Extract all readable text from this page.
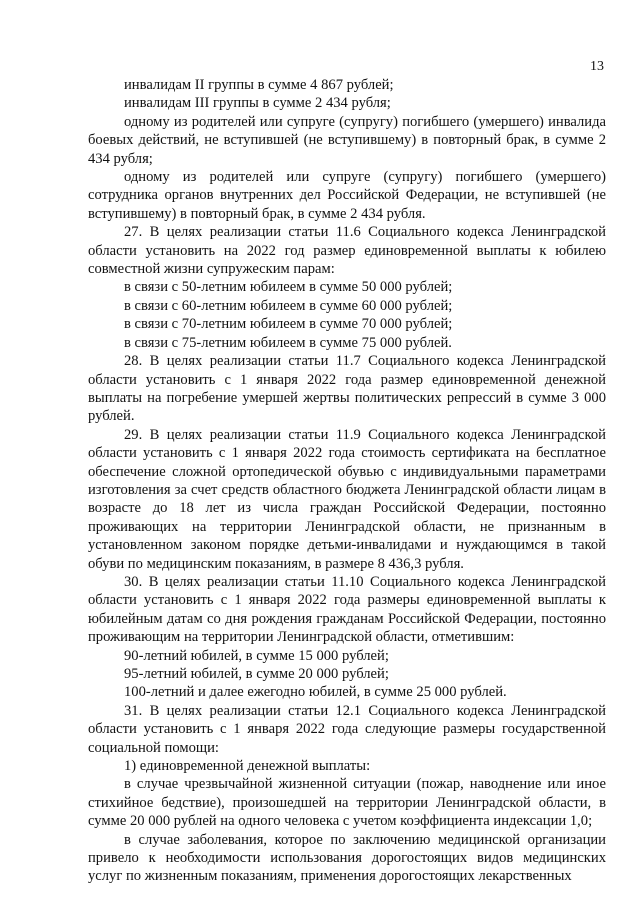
13

инвалидам II группы в сумме 4 867 рублей;

инвалидам III группы в сумме 2 434 рубля;

одному из родителей или супруге (супругу) погибшего (умершего) инвалида боевых действий, не вступившей (не вступившему) в повторный брак, в сумме 2 434 рубля;

одному из родителей или супруге (супругу) погибшего (умершего) сотрудника органов внутренних дел Российской Федерации, не вступившей (не вступившему) в повторный брак, в сумме 2 434 рубля.

27. В целях реализации статьи 11.6 Социального кодекса Ленинградской области установить на 2022 год размер единовременной выплаты к юбилею совместной жизни супружеским парам:

в связи с 50-летним юбилеем в сумме 50 000 рублей;

в связи с 60-летним юбилеем в сумме 60 000 рублей;

в связи с 70-летним юбилеем в сумме 70 000 рублей;

в связи с 75-летним юбилеем в сумме 75 000 рублей.

28. В целях реализации статьи 11.7 Социального кодекса Ленинградской области установить с 1 января 2022 года размер единовременной денежной выплаты на погребение умершей жертвы политических репрессий в сумме 3 000 рублей.

29. В целях реализации статьи 11.9 Социального кодекса Ленинградской области установить с 1 января 2022 года стоимость сертификата на бесплатное обеспечение сложной ортопедической обувью с индивидуальными параметрами изготовления за счет средств областного бюджета Ленинградской области лицам в возрасте до 18 лет из числа граждан Российской Федерации, постоянно проживающих на территории Ленинградской области, не признанным в установленном законом порядке детьми-инвалидами и нуждающимся в такой обуви по медицинским показаниям, в размере 8 436,3 рубля.

30. В целях реализации статьи 11.10 Социального кодекса Ленинградской области установить с 1 января 2022 года размеры единовременной выплаты к юбилейным датам со дня рождения гражданам Российской Федерации, постоянно проживающим на территории Ленинградской области, отметившим:

90-летний юбилей, в сумме 15 000 рублей;

95-летний юбилей, в сумме 20 000 рублей;

100-летний и далее ежегодно юбилей, в сумме 25 000 рублей.

31. В целях реализации статьи 12.1 Социального кодекса Ленинградской области установить с 1 января 2022 года следующие размеры государственной социальной помощи:

1) единовременной денежной выплаты:

в случае чрезвычайной жизненной ситуации (пожар, наводнение или иное стихийное бедствие), произошедшей на территории Ленинградской области, в сумме 20 000 рублей на одного человека с учетом коэффициента индексации 1,0;

в случае заболевания, которое по заключению медицинской организации привело к необходимости использования дорогостоящих видов медицинских услуг по жизненным показаниям, применения дорогостоящих лекарственных
